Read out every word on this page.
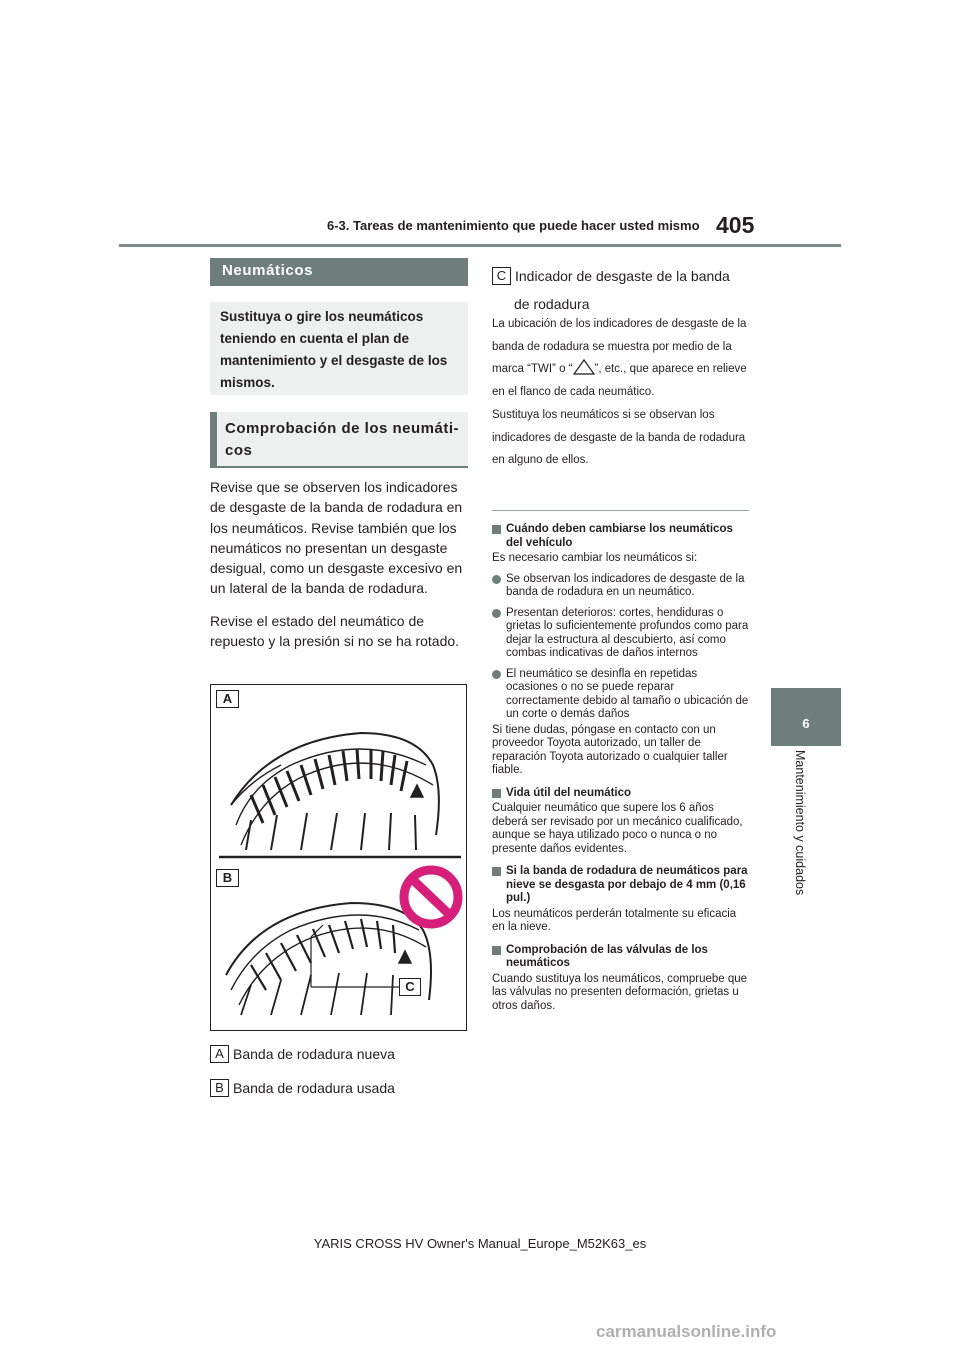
6-3. Tareas de mantenimiento que puede hacer usted mismo 405
6
Mantenimiento y cuidados
Neumáticos
Sustituya o gire los neumáticos teniendo en cuenta el plan de mantenimiento y el desgaste de los mismos.
Comprobación de los neumáti-
cos
Revise que se observen los indicadores de desgaste de la banda de rodadura en los neumáticos. Revise también que los neumáticos no presentan un desgaste desigual, como un desgaste excesivo en un lateral de la banda de rodadura.
Revise el estado del neumático de repuesto y la presión si no se ha rotado.
A
B
C
A Banda de rodadura nueva
B Banda de rodadura usada
C Indicador de desgaste de la banda
de rodadura
La ubicación de los indicadores de desgaste de la banda de rodadura se muestra por medio de la marca “TWI” o “ ”, etc., que aparece en relieve en el flanco de cada neumático.
Sustituya los neumáticos si se observan los indicadores de desgaste de la banda de rodadura en alguno de ellos.
Cuándo deben cambiarse los neumáticos del vehículo
Es necesario cambiar los neumáticos si:
Se observan los indicadores de desgaste de la banda de rodadura en un neumático.
Presentan deterioros: cortes, hendiduras o grietas lo suficientemente profundos como para dejar la estructura al descubierto, así como combas indicativas de daños internos
El neumático se desinfla en repetidas ocasiones o no se puede reparar correctamente debido al tamaño o ubicación de un corte o demás daños
Si tiene dudas, póngase en contacto con un proveedor Toyota autorizado, un taller de reparación Toyota autorizado o cualquier taller fiable.
Vida útil del neumático
Cualquier neumático que supere los 6 años deberá ser revisado por un mecánico cualificado, aunque se haya utilizado poco o nunca o no presente daños evidentes.
Si la banda de rodadura de neumáticos para nieve se desgasta por debajo de 4 mm (0,16 pul.)
Los neumáticos perderán totalmente su eficacia en la nieve.
Comprobación de las válvulas de los neumáticos
Cuando sustituya los neumáticos, compruebe que las válvulas no presenten deformación, grietas u otros daños.
YARIS CROSS HV Owner's Manual_Europe_M52K63_es
carmanualsonline.info
